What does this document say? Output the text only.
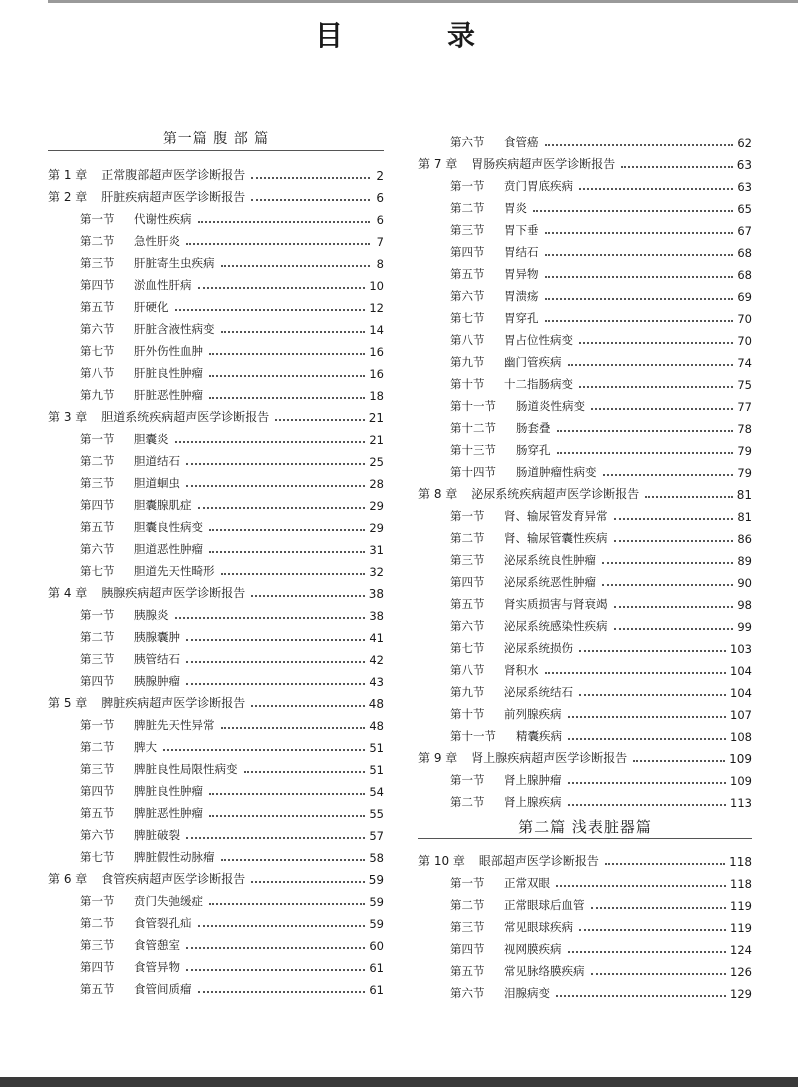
目　录
第一篇 腹 部 篇
第 1 章 正常腹部超声医学诊断报告	2
第 2 章 肝脏疾病超声医学诊断报告	6
第一节 代谢性疾病	6
第二节 急性肝炎	7
第三节 肝脏寄生虫疾病	8
第四节 淤血性肝病	10
第五节 肝硬化	12
第六节 肝脏含液性病变	14
第七节 肝外伤性血肿	16
第八节 肝脏良性肿瘤	16
第九节 肝脏恶性肿瘤	18
第 3 章 胆道系统疾病超声医学诊断报告	21
第一节 胆囊炎	21
第二节 胆道结石	25
第三节 胆道蛔虫	28
第四节 胆囊腺肌症	29
第五节 胆囊良性病变	29
第六节 胆道恶性肿瘤	31
第七节 胆道先天性畸形	32
第 4 章 胰腺疾病超声医学诊断报告	38
第一节 胰腺炎	38
第二节 胰腺囊肿	41
第三节 胰管结石	42
第四节 胰腺肿瘤	43
第 5 章 脾脏疾病超声医学诊断报告	48
第一节 脾脏先天性异常	48
第二节 脾大	51
第三节 脾脏良性局限性病变	51
第四节 脾脏良性肿瘤	54
第五节 脾脏恶性肿瘤	55
第六节 脾脏破裂	57
第七节 脾脏假性动脉瘤	58
第 6 章 食管疾病超声医学诊断报告	59
第一节 贲门失弛缓症	59
第二节 食管裂孔疝	59
第三节 食管憩室	60
第四节 食管异物	61
第五节 食管间质瘤	61
第六节 食管癌	62
第 7 章 胃肠疾病超声医学诊断报告	63
第一节 贲门胃底疾病	63
第二节 胃炎	65
第三节 胃下垂	67
第四节 胃结石	68
第五节 胃异物	68
第六节 胃溃疡	69
第七节 胃穿孔	70
第八节 胃占位性病变	70
第九节 幽门管疾病	74
第十节 十二指肠病变	75
第十一节 肠道炎性病变	77
第十二节 肠套叠	78
第十三节 肠穿孔	79
第十四节 肠道肿瘤性病变	79
第 8 章 泌尿系统疾病超声医学诊断报告	81
第一节 肾、输尿管发育异常	81
第二节 肾、输尿管囊性疾病	86
第三节 泌尿系统良性肿瘤	89
第四节 泌尿系统恶性肿瘤	90
第五节 肾实质损害与肾衰竭	98
第六节 泌尿系统感染性疾病	99
第七节 泌尿系统损伤	103
第八节 肾积水	104
第九节 泌尿系统结石	104
第十节 前列腺疾病	107
第十一节 精囊疾病	108
第 9 章 肾上腺疾病超声医学诊断报告	109
第一节 肾上腺肿瘤	109
第二节 肾上腺疾病	113
第二篇 浅表脏器篇
第 10 章 眼部超声医学诊断报告	118
第一节 正常双眼	118
第二节 正常眼球后血管	119
第三节 常见眼球疾病	119
第四节 视网膜疾病	124
第五节 常见脉络膜疾病	126
第六节 泪腺病变	129
